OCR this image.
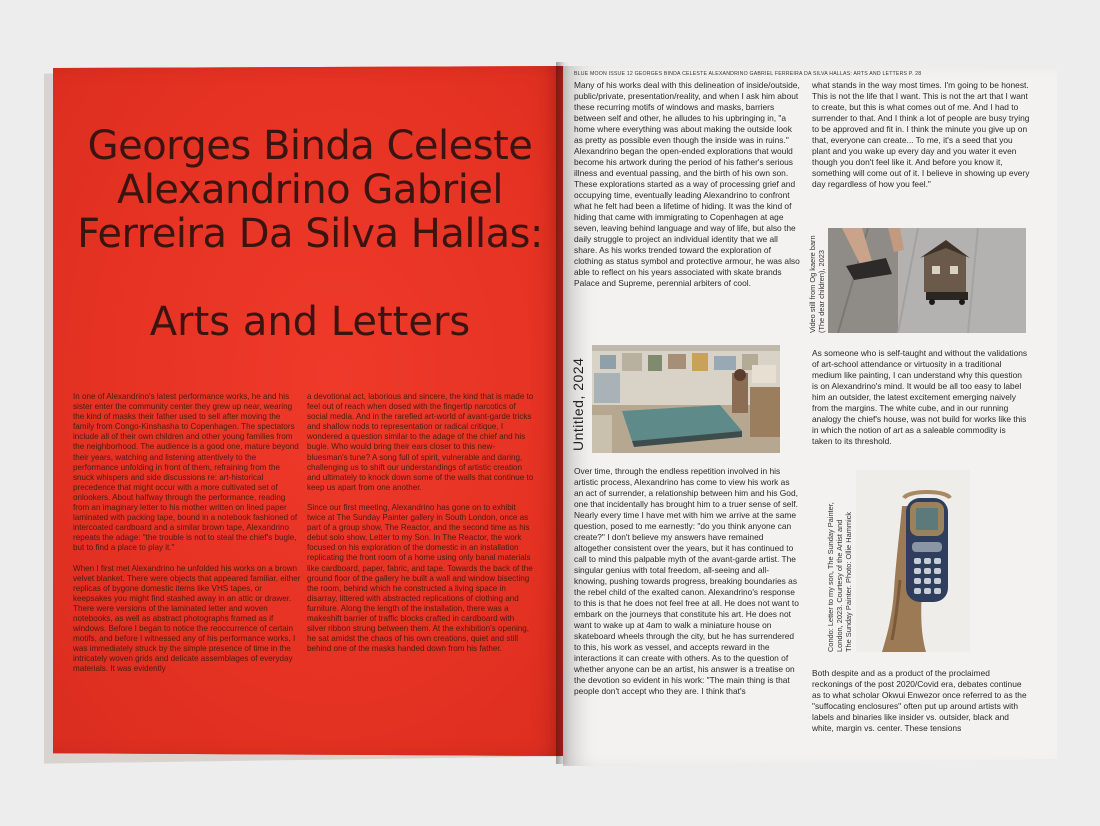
Georges Binda Celeste
Alexandrino Gabriel
Ferreira Da Silva Hallas:
Arts and Letters

In one of Alexandrino's latest performance works, he and his sister enter the community center they grew up near, wearing the kind of masks their father used to sell after moving the family from Congo-Kinshasha to Copenhagen. The spectators include all of their own children and other young families from the neighborhood. The audience is a good one, mature beyond their years, watching and listening attentively to the performance unfolding in front of them, refraining from the snuck whispers and side discussions re: art-historical precedence that might occur with a more cultivated set of onlookers. About halfway through the performance, reading from an imaginary letter to his mother written on lined paper laminated with packing tape, bound in a notebook fashioned of intercoated cardboard and a similar brown tape, Alexandrino repeats the adage: "the trouble is not to steal the chief's bugle, but to find a place to play it."

When I first met Alexandrino he unfolded his works on a brown velvet blanket. There were objects that appeared familiar, either replicas of bygone domestic items like VHS tapes, or keepsakes you might find stashed away in an attic or drawer. There were versions of the laminated letter and woven notebooks, as well as abstract photographs framed as if windows. Before I began to notice the reoccurrence of certain motifs, and before I witnessed any of his performance works, I was immediately struck by the simple presence of time in the intricately woven grids and delicate assemblages of everyday materials. It was evidently

a devotional act, laborious and sincere, the kind that is made to feel out of reach when dosed with the fingertip narcotics of social media. And in the rarefied art-world of avant-garde tricks and shallow nods to representation or radical critique, I wondered a question similar to the adage of the chief and his bugle. Who would bring their ears closer to this new-bluesman's tune? A song full of spirit, vulnerable and daring, challenging us to shift our understandings of artistic creation and ultimately to knock down some of the walls that continue to keep us apart from one another.

Since our first meeting, Alexandrino has gone on to exhibit twice at The Sunday Painter gallery in South London, once as part of a group show, The Reactor, and the second time as his debut solo show, Letter to my Son. In The Reactor, the work focused on his exploration of the domestic in an installation replicating the front room of a home using only banal materials like cardboard, paper, fabric, and tape. Towards the back of the ground floor of the gallery he built a wall and window bisecting the room, behind which he constructed a living space in disarray, littered with abstracted replications of clothing and furniture. Along the length of the installation, there was a makeshift barrier of traffic blocks crafted in cardboard with silver ribbon strung between them. At the exhibition's opening, he sat amidst the chaos of his own creations, quiet and still behind one of the masks handed down from his father.

BLUE MOON ISSUE 12 GEORGES BINDA CELESTE ALEXANDRINO GABRIEL FERREIRA DA SILVA HALLAS: ARTS AND LETTERS P. 28

Many of his works deal with this delineation of inside/outside, public/private, presentation/reality, and when I ask him about these recurring motifs of windows and masks, barriers between self and other, he alludes to his upbringing in, "a home where everything was about making the outside look as pretty as possible even though the inside was in ruins." Alexandrino began the open-ended explorations that would become his artwork during the period of his father's serious illness and eventual passing, and the birth of his own son. These explorations started as a way of processing grief and occupying time, eventually leading Alexandrino to confront what he felt had been a lifetime of hiding. It was the kind of hiding that came with immigrating to Copenhagen at age seven, leaving behind language and way of life, but also the daily struggle to project an individual identity that we all share. As his works trended toward the exploration of clothing as status symbol and protective armour, he was also able to reflect on his years associated with skate brands Palace and Supreme, perennial arbiters of cool.

Untitled, 2024

Over time, through the endless repetition involved in his artistic process, Alexandrino has come to view his work as an act of surrender, a relationship between him and his God, one that incidentally has brought him to a truer sense of self. Nearly every time I have met with him we arrive at the same question, posed to me earnestly: "do you think anyone can create?" I don't believe my answers have remained altogether consistent over the years, but it has continued to call to mind this palpable myth of the avant-garde artist. The singular genius with total freedom, all-seeing and all-knowing, pushing towards progress, breaking boundaries as the rebel child of the exalted canon. Alexandrino's response to this is that he does not feel free at all. He does not want to embark on the journeys that constitute his art. He does not want to wake up at 4am to walk a miniature house on skateboard wheels through the city, but he has surrendered to this, his work as vessel, and accepts reward in the interactions it can create with others. As to the question of whether anyone can be an artist, his answer is a treatise on the devotion so evident in his work: "The main thing is that people don't accept who they are. I think that's

what stands in the way most times. I'm going to be honest. This is not the life that I want. This is not the art that I want to create, but this is what comes out of me. And I had to surrender to that. And I think a lot of people are busy trying to be approved and fit in. I think the minute you give up on that, everyone can create... To me, it's a seed that you plant and you wake up every day and you water it even though you don't feel like it. And before you know it, something will come out of it. I believe in showing up every day regardless of how you feel."

Video still from Og kaere barn (The dear children), 2023

As someone who is self-taught and without the validations of art-school attendance or virtuosity in a traditional medium like painting, I can understand why this question is on Alexandrino's mind. It would be all too easy to label him an outsider, the latest excitement emerging naively from the margins. The white cube, and in our running analogy the chief's house, was not build for works like this in which the notion of art as a saleable commodity is taken to its threshold.

Condo: Letter to my son, The Sunday Painter, London, 2023. Courtesy of the Artist and The Sunday Painter. Photo: Ollie Hammick

Both despite and as a product of the proclaimed reckonings of the post 2020/Covid era, debates continue as to what scholar Okwui Enwezor once referred to as the "suffocating enclosures" often put up around artists with labels and binaries like insider vs. outsider, black and white, margin vs. center. These tensions
